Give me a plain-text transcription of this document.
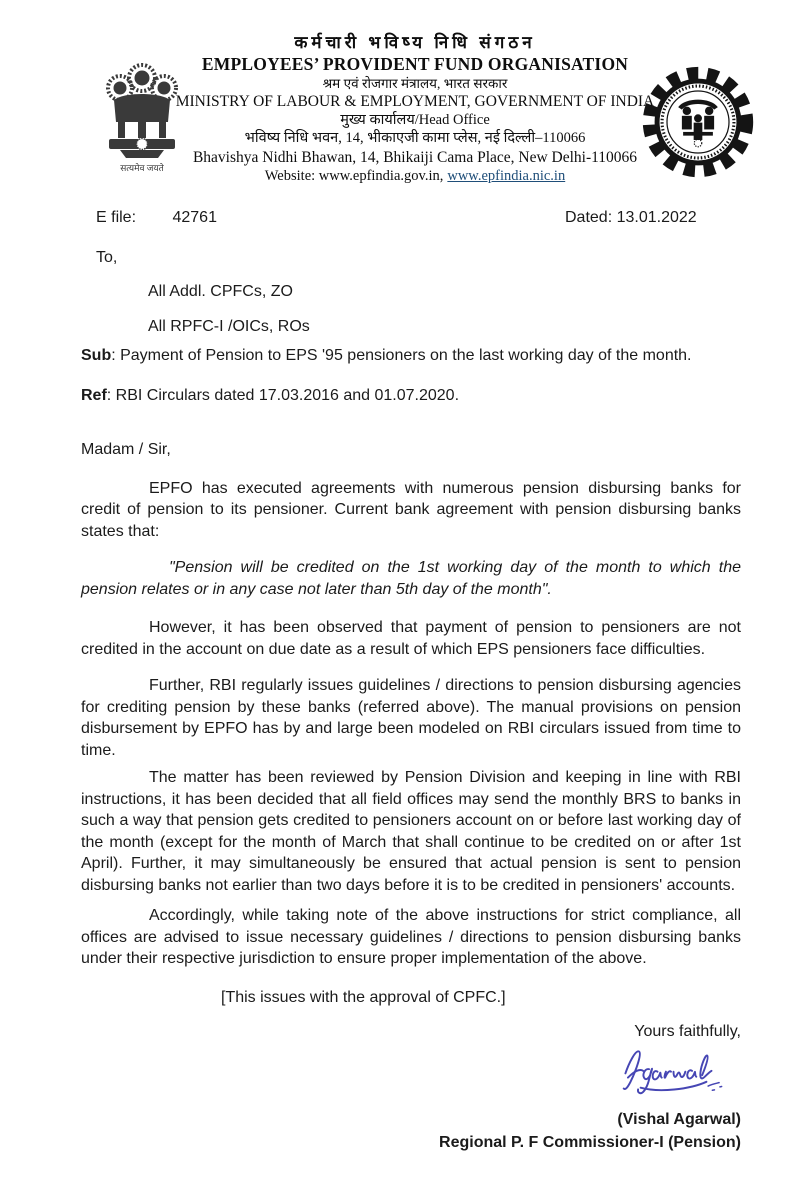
सत्यमेव जयते
कर्मचारी भविष्य निधि संगठन
EMPLOYEES’ PROVIDENT FUND ORGANISATION
श्रम एवं रोजगार मंत्रालय, भारत सरकार
MINISTRY OF LABOUR & EMPLOYMENT, GOVERNMENT OF INDIA
मुख्य कार्यालय/Head Office
भविष्य निधि भवन, 14, भीकाएजी कामा प्लेस, नई दिल्ली–110066
Bhavishya Nidhi Bhawan, 14, Bhikaiji Cama Place, New Delhi-110066
Website: www.epfindia.gov.in, www.epfindia.nic.in
E file: 42761	Dated: 13.01.2022

To,

All Addl. CPFCs, ZO

All RPFC-I /OICs, ROs

Sub: Payment of Pension to EPS '95 pensioners on the last working day of the month.

Ref: RBI Circulars dated 17.03.2016 and 01.07.2020.

Madam / Sir,

EPFO has executed agreements with numerous pension disbursing banks for credit of pension to its pensioner. Current bank agreement with pension disbursing banks states that:

"Pension will be credited on the 1st working day of the month to which the pension relates or in any case not later than 5th day of the month".

However, it has been observed that payment of pension to pensioners are not credited in the account on due date as a result of which EPS pensioners face difficulties.

Further, RBI regularly issues guidelines / directions to pension disbursing agencies for crediting pension by these banks (referred above). The manual provisions on pension disbursement by EPFO has by and large been modeled on RBI circulars issued from time to time.

The matter has been reviewed by Pension Division and keeping in line with RBI instructions, it has been decided that all field offices may send the monthly BRS to banks in such a way that pension gets credited to pensioners account on or before last working day of the month (except for the month of March that shall continue to be credited on or after 1st April). Further, it may simultaneously be ensured that actual pension is sent to pension disbursing banks not earlier than two days before it is to be credited in pensioners' accounts.

Accordingly, while taking note of the above instructions for strict compliance, all offices are advised to issue necessary guidelines / directions to pension disbursing banks under their respective jurisdiction to ensure proper implementation of the above.

[This issues with the approval of CPFC.]

Yours faithfully,

(Vishal Agarwal)

Regional P. F Commissioner-I (Pension)
